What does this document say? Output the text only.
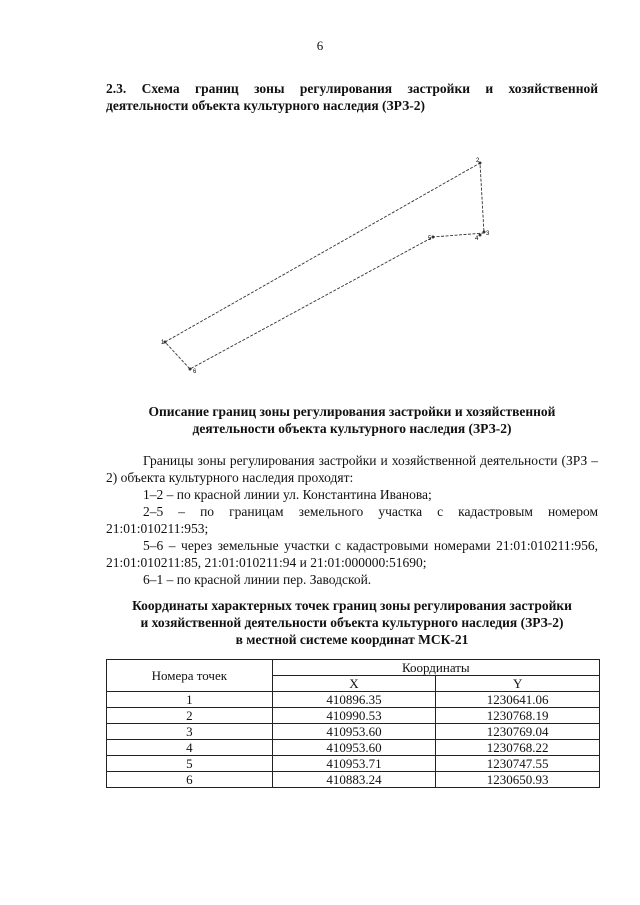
6
2.3. Схема границ зоны регулирования застройки и хозяйственной деятельности объекта культурного наследия (ЗРЗ-2)
1
2
3
4
5
6
Описание границ зоны регулирования застройки и хозяйственной
деятельности объекта культурного наследия (ЗРЗ-2)

Границы зоны регулирования застройки и хозяйственной деятельности (ЗРЗ – 2) объекта культурного наследия проходят:

1–2 – по красной линии ул. Константина Иванова;

2–5 – по границам земельного участка с кадастровым номером 21:01:010211:953;

5–6 – через земельные участки с кадастровыми номерами 21:01:010211:956, 21:01:010211:85, 21:01:010211:94 и 21:01:000000:51690;

6–1 – по красной линии пер. Заводской.

Координаты характерных точек границ зоны регулирования застройки
и хозяйственной деятельности объекта культурного наследия (ЗРЗ-2)
в местной системе координат МСК-21
Номера точек	Координаты	
	X	Y
1	410896.35	1230641.06
2	410990.53	1230768.19
3	410953.60	1230769.04
4	410953.60	1230768.22
5	410953.71	1230747.55
6	410883.24	1230650.93
